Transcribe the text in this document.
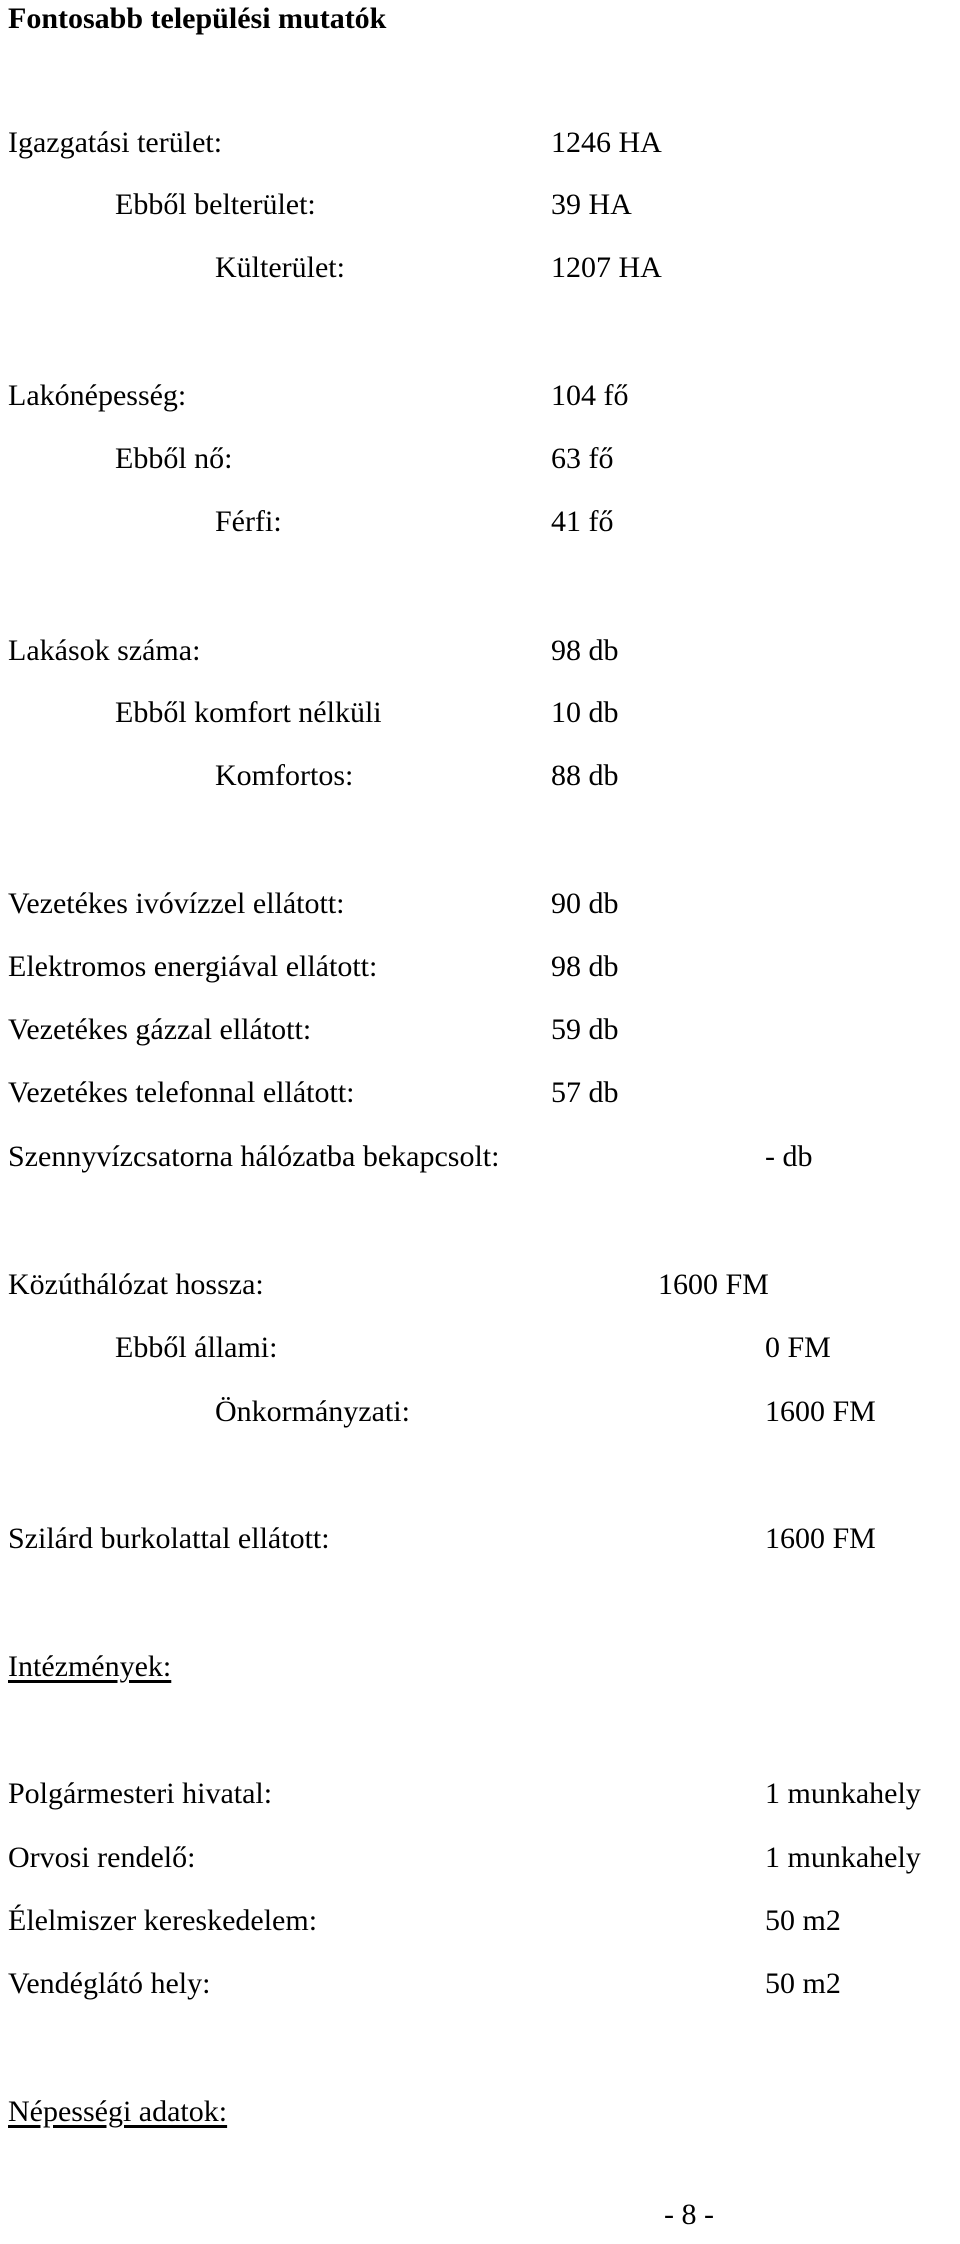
Fontosabb települési mutatók
Igazgatási terület:	1246 HA
Ebből belterület:	39 HA
Külterület:	1207 HA
Lakónépesség:	104 fő
Ebből nő:	63 fő
Férfi:	41 fő
Lakások száma:	98 db
Ebből komfort nélküli	10 db
Komfortos:	88 db
Vezetékes ivóvízzel ellátott:	90 db
Elektromos energiával ellátott:	98 db
Vezetékes gázzal ellátott:	59 db
Vezetékes telefonnal ellátott:	57 db
Szennyvízcsatorna hálózatba bekapcsolt:	- db
Közúthálózat hossza:	1600 FM
Ebből állami:	0 FM
Önkormányzati:	1600 FM
Szilárd burkolattal ellátott:	1600 FM
Intézmények:
Polgármesteri hivatal:	1 munkahely
Orvosi rendelő:	1 munkahely
Élelmiszer kereskedelem:	50 m2
Vendéglátó hely:	50 m2
Népességi adatok:
- 8 -
